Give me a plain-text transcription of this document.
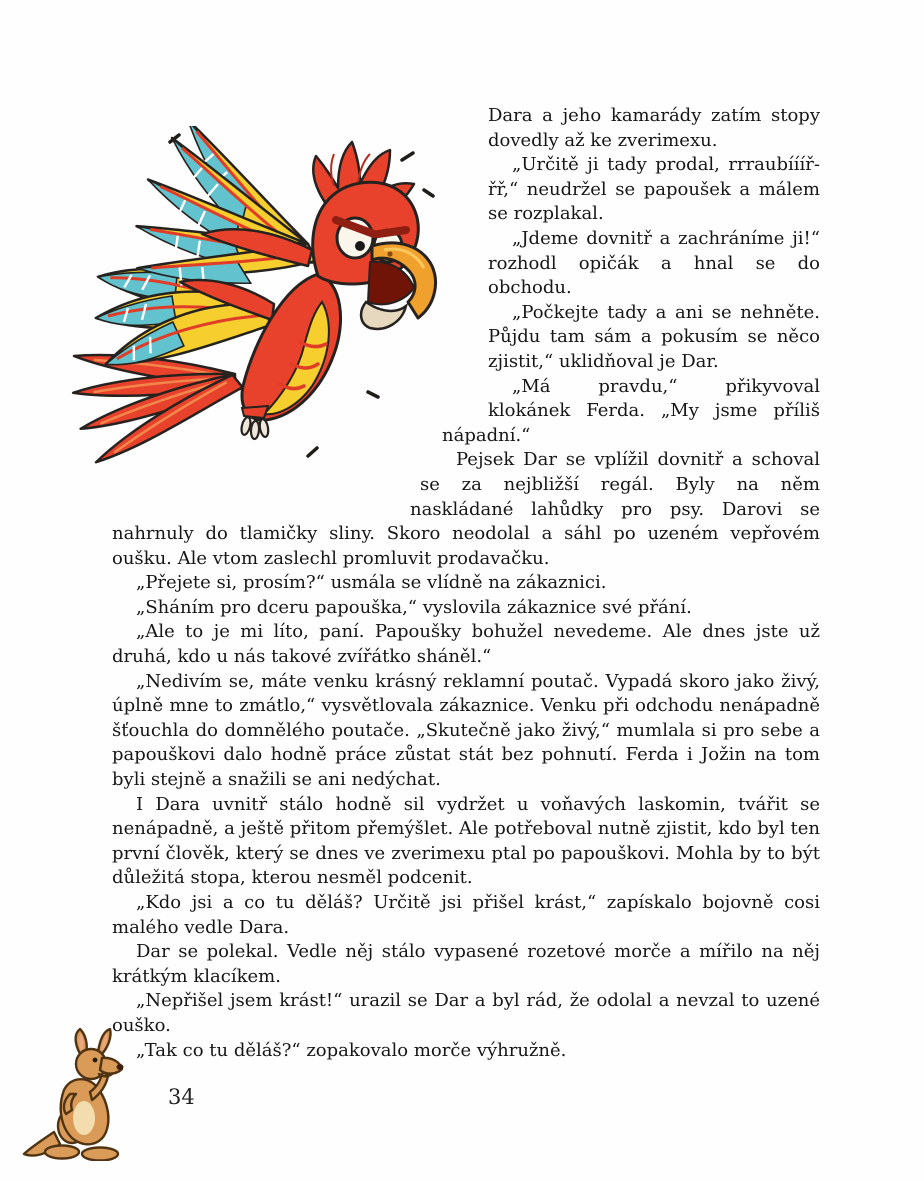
Dara a jeho kamarády zatím stopy dovedly až ke zverimexu.

„Určitě ji tady prodal, rrraubíííř-řř,“ neudržel se papoušek a málem se rozplakal.

„Jdeme dovnitř a zachráníme ji!“ rozhodl opičák a hnal se do obchodu.

„Počkejte tady a ani se nehněte. Půjdu tam sám a pokusím se něco zjistit,“ uklidňoval je Dar.

„Má pravdu,“ přikyvoval klokánek Ferda. „My jsme příliš nápadní.“

Pejsek Dar se vplížil dovnitř a schoval se za nejbližší regál. Byly na něm naskládané lahůdky pro psy. Darovi se nahrnuly do tlamičky sliny. Skoro neodolal a sáhl po uzeném vepřovém oušku. Ale vtom zaslechl promluvit prodavačku.

„Přejete si, prosím?“ usmála se vlídně na zákaznici.

„Sháním pro dceru papouška,“ vyslovila zákaznice své přání.

„Ale to je mi líto, paní. Papoušky bohužel nevedeme. Ale dnes jste už druhá, kdo u nás takové zvířátko sháněl.“

„Nedivím se, máte venku krásný reklamní poutač. Vypadá skoro jako živý, úplně mne to zmátlo,“ vysvětlovala zákaznice. Venku při odchodu nenápadně šťouchla do domnělého poutače. „Skutečně jako živý,“ mumlala si pro sebe a papouškovi dalo hodně práce zůstat stát bez pohnutí. Ferda i Jožin na tom byli stejně a snažili se ani nedýchat.

I Dara uvnitř stálo hodně sil vydržet u voňavých laskomin, tvářit se nenápadně, a ještě přitom přemýšlet. Ale potřeboval nutně zjistit, kdo byl ten první člověk, který se dnes ve zverimexu ptal po papouškovi. Mohla by to být důležitá stopa, kterou nesměl podcenit.

„Kdo jsi a co tu děláš? Určitě jsi přišel krást,“ zapískalo bojovně cosi malého vedle Dara.

Dar se polekal. Vedle něj stálo vypasené rozetové morče a mířilo na něj krátkým klacíkem.

„Nepřišel jsem krást!“ urazil se Dar a byl rád, že odolal a nevzal to uzené ouško.

„Tak co tu děláš?“ zopakovalo morče výhružně.

34
